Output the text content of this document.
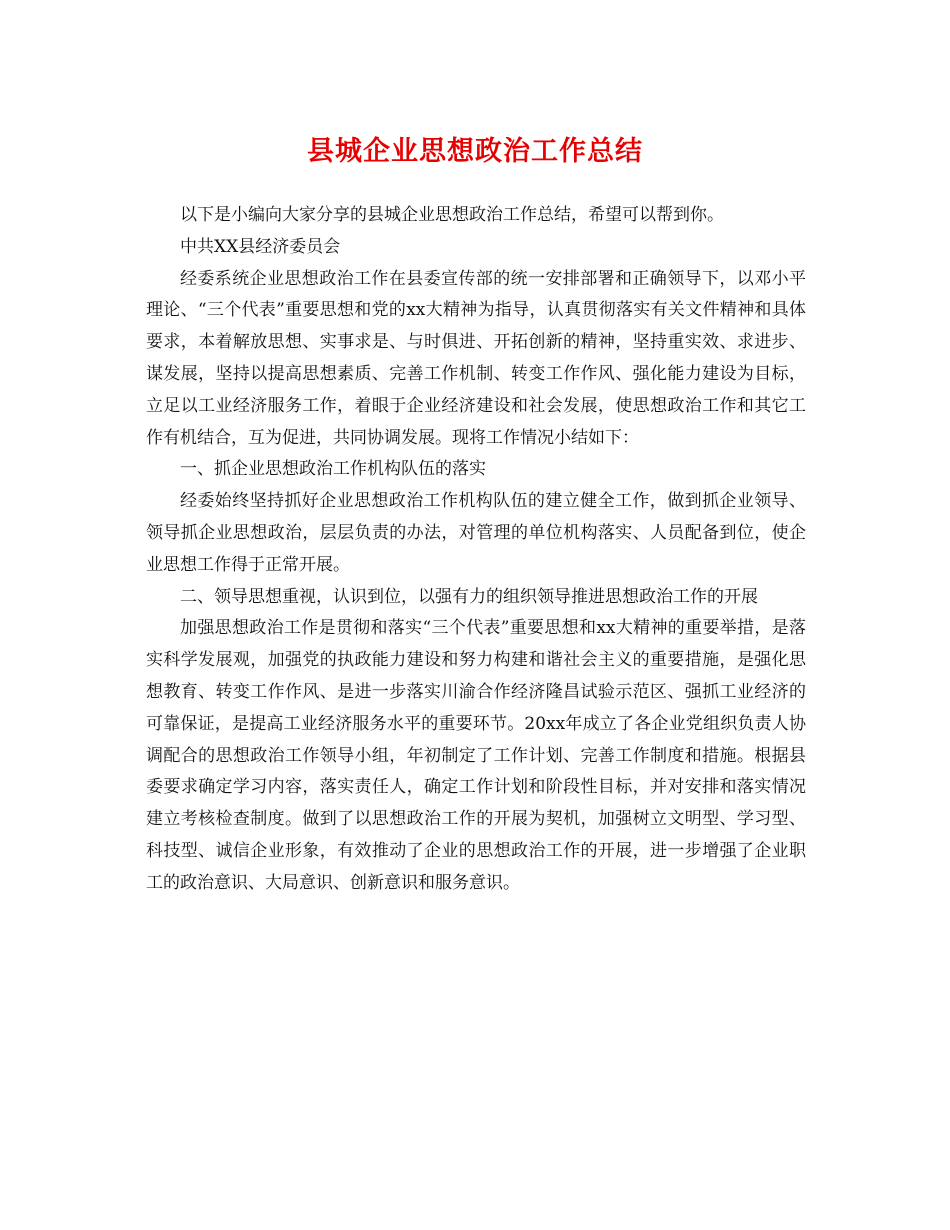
县城企业思想政治工作总结

以下是小编向大家分享的县城企业思想政治工作总结，希望可以帮到你。

中共XX县经济委员会

经委系统企业思想政治工作在县委宣传部的统一安排部署和正确领导下，以邓小平理论、“三个代表”重要思想和党的xx大精神为指导，认真贯彻落实有关文件精神和具体要求，本着解放思想、实事求是、与时俱进、开拓创新的精神，坚持重实效、求进步、谋发展，坚持以提高思想素质、完善工作机制、转变工作作风、强化能力建设为目标，立足以工业经济服务工作，着眼于企业经济建设和社会发展，使思想政治工作和其它工作有机结合，互为促进，共同协调发展。现将工作情况小结如下：

一、抓企业思想政治工作机构队伍的落实

经委始终坚持抓好企业思想政治工作机构队伍的建立健全工作，做到抓企业领导、领导抓企业思想政治，层层负责的办法，对管理的单位机构落实、人员配备到位，使企业思想工作得于正常开展。

二、领导思想重视，认识到位，以强有力的组织领导推进思想政治工作的开展

加强思想政治工作是贯彻和落实“三个代表”重要思想和xx大精神的重要举措，是落实科学发展观，加强党的执政能力建设和努力构建和谐社会主义的重要措施，是强化思想教育、转变工作作风、是进一步落实川渝合作经济隆昌试验示范区、强抓工业经济的可靠保证，是提高工业经济服务水平的重要环节。20xx年成立了各企业党组织负责人协调配合的思想政治工作领导小组，年初制定了工作计划、完善工作制度和措施。根据县委要求确定学习内容，落实责任人，确定工作计划和阶段性目标，并对安排和落实情况建立考核检查制度。做到了以思想政治工作的开展为契机，加强树立文明型、学习型、科技型、诚信企业形象，有效推动了企业的思想政治工作的开展，进一步增强了企业职工的政治意识、大局意识、创新意识和服务意识。
